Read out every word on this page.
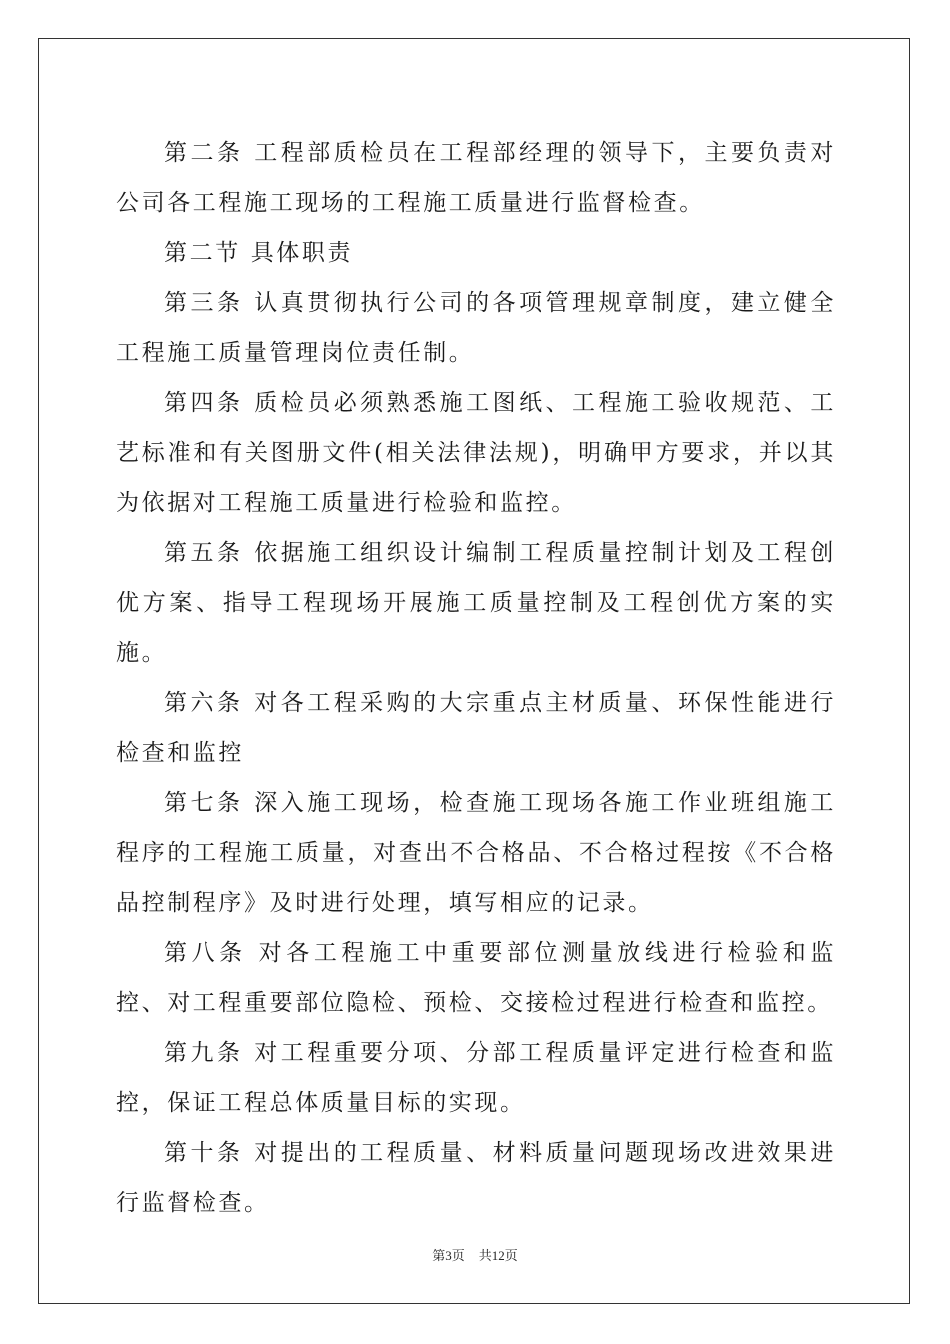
第二条 工程部质检员在工程部经理的领导下，主要负责对公司各工程施工现场的工程施工质量进行监督检查。

第二节 具体职责

第三条 认真贯彻执行公司的各项管理规章制度，建立健全工程施工质量管理岗位责任制。

第四条 质检员必须熟悉施工图纸、工程施工验收规范、工艺标准和有关图册文件(相关法律法规)，明确甲方要求，并以其为依据对工程施工质量进行检验和监控。

第五条 依据施工组织设计编制工程质量控制计划及工程创优方案、指导工程现场开展施工质量控制及工程创优方案的实施。

第六条 对各工程采购的大宗重点主材质量、环保性能进行检查和监控

第七条 深入施工现场，检查施工现场各施工作业班组施工程序的工程施工质量，对查出不合格品、不合格过程按《不合格品控制程序》及时进行处理，填写相应的记录。

第八条 对各工程施工中重要部位测量放线进行检验和监控、对工程重要部位隐检、预检、交接检过程进行检查和监控。

第九条 对工程重要分项、分部工程质量评定进行检查和监控，保证工程总体质量目标的实现。

第十条 对提出的工程质量、材料质量问题现场改进效果进行监督检查。

第3页 共12页
